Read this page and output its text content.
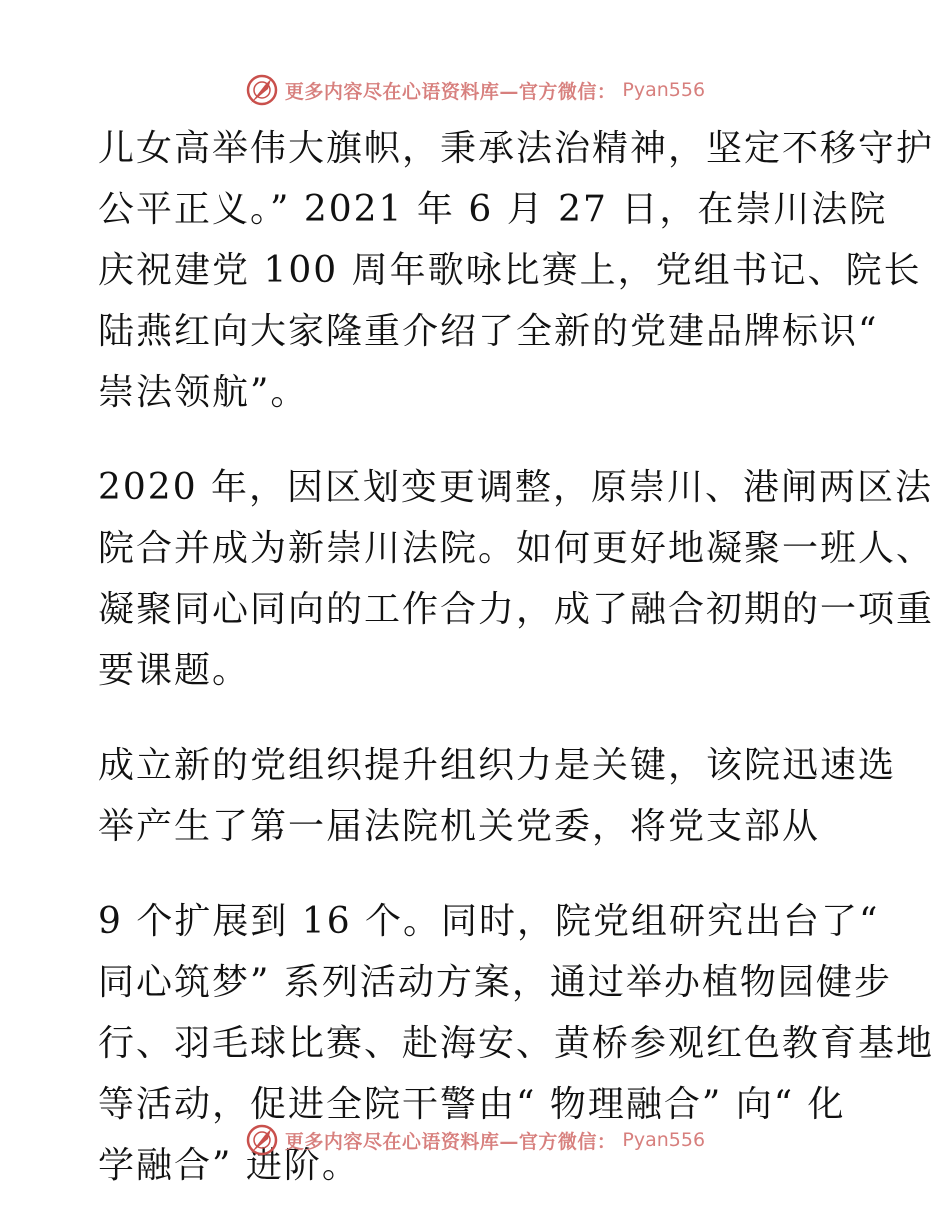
更多内容尽在心语资料库—官方微信： Pyan556
儿女高举伟大旗帜，秉承法治精神，坚定不移守护
公平正义。” 2021 年 6 月 27 日，在崇川法院
庆祝建党 100 周年歌咏比赛上，党组书记、院长
陆燕红向大家隆重介绍了全新的党建品牌标识“
崇法领航”。
2020 年，因区划变更调整，原崇川、港闸两区法
院合并成为新崇川法院。如何更好地凝聚一班人、
凝聚同心同向的工作合力，成了融合初期的一项重
要课题。
成立新的党组织提升组织力是关键，该院迅速选
举产生了第一届法院机关党委，将党支部从
9 个扩展到 16 个。同时，院党组研究出台了“
同心筑梦” 系列活动方案，通过举办植物园健步
行、羽毛球比赛、赴海安、黄桥参观红色教育基地
等活动，促进全院干警由“ 物理融合” 向“ 化
学融合” 进阶。
更多内容尽在心语资料库—官方微信： Pyan556
